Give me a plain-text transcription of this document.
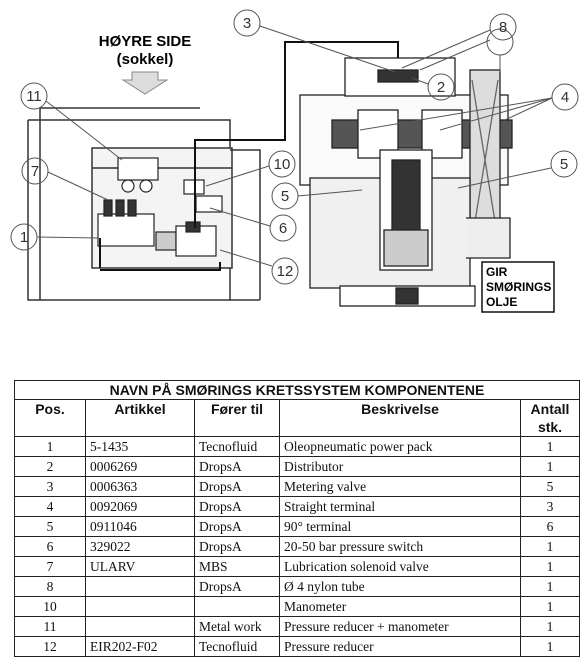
HØYRE SIDE
(sokkel)
GIR
SMØRINGS
OLJE
1
2
3
4
5
5
6
7
8
10
11
12
NAVN PÅ SMØRINGS KRETSSYSTEM KOMPONENTENE				
Pos.	Artikkel	Fører til	Beskrivelse	Antall
stk.

1	5-1435	Tecnofluid	Oleopneumatic power pack	1
2	0006269	DropsA	Distributor	1
3	0006363	DropsA	Metering valve	5
4	0092069	DropsA	Straight terminal	3
5	0911046	DropsA	90° terminal	6
6	329022	DropsA	20-50 bar pressure switch	1
7	ULARV	MBS	Lubrication solenoid valve	1
8		DropsA	Ø 4 nylon tube	1
10			Manometer	1
11		Metal work	Pressure reducer + manometer	1
12	EIR202-F02	Tecnofluid	Pressure reducer	1
